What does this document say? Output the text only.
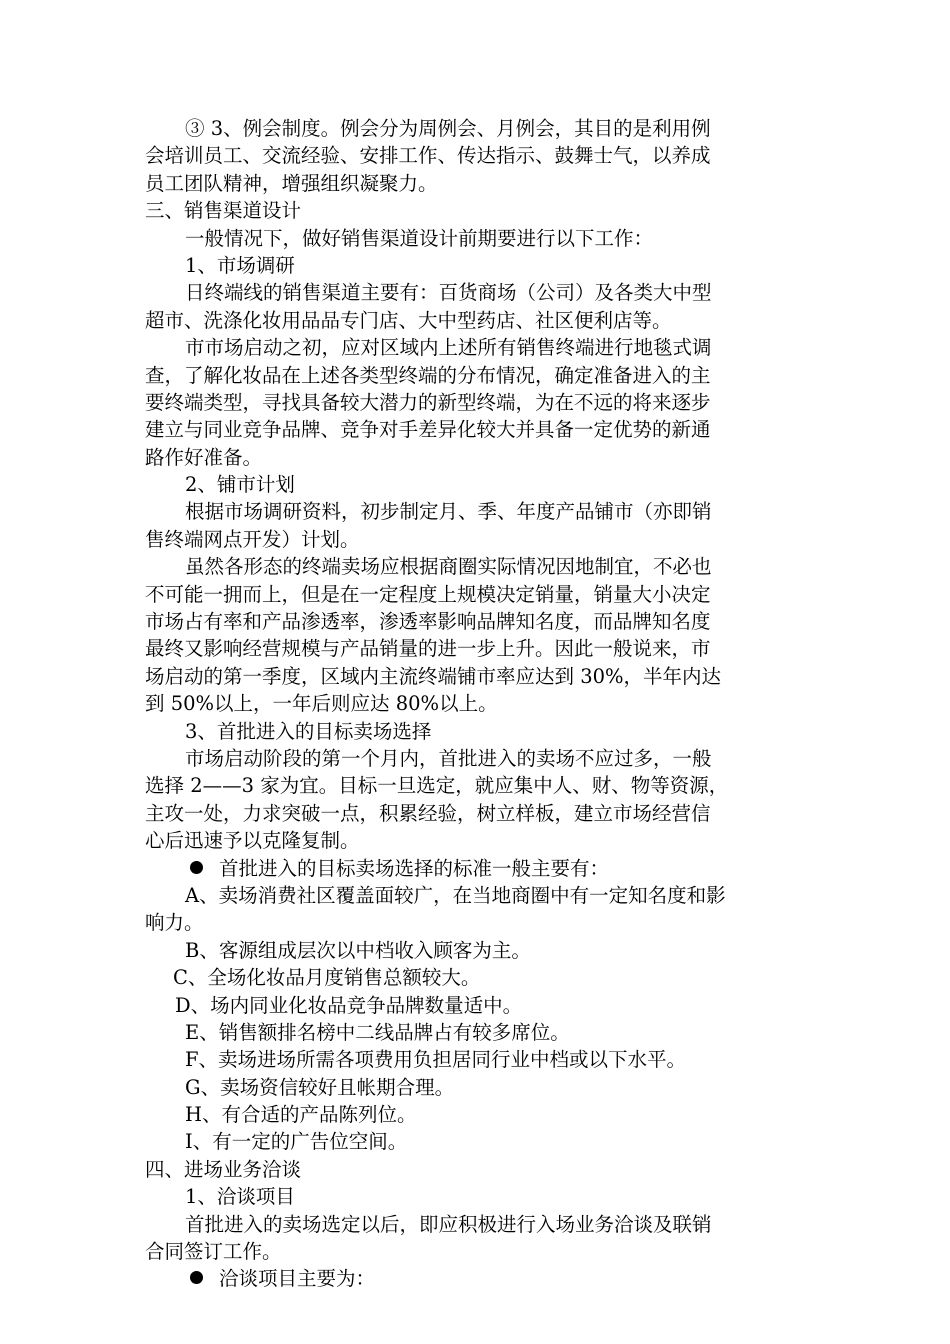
③ 3、例会制度。例会分为周例会、月例会，其目的是利用例
会培训员工、交流经验、安排工作、传达指示、鼓舞士气，以养成
员工团队精神，增强组织凝聚力。
三、销售渠道设计
一般情况下，做好销售渠道设计前期要进行以下工作：
1、市场调研
日终端线的销售渠道主要有：百货商场（公司）及各类大中型
超市、洗涤化妆用品品专门店、大中型药店、社区便利店等。
市市场启动之初，应对区域内上述所有销售终端进行地毯式调
查，了解化妆品在上述各类型终端的分布情况，确定准备进入的主
要终端类型，寻找具备较大潜力的新型终端，为在不远的将来逐步
建立与同业竞争品牌、竞争对手差异化较大并具备一定优势的新通
路作好准备。
2、铺市计划
根据市场调研资料，初步制定月、季、年度产品铺市（亦即销
售终端网点开发）计划。
虽然各形态的终端卖场应根据商圈实际情况因地制宜，不必也
不可能一拥而上，但是在一定程度上规模决定销量，销量大小决定
市场占有率和产品渗透率，渗透率影响品牌知名度，而品牌知名度
最终又影响经营规模与产品销量的进一步上升。因此一般说来，市
场启动的第一季度，区域内主流终端铺市率应达到 30%，半年内达
到 50%以上，一年后则应达 80%以上。
3、首批进入的目标卖场选择
市场启动阶段的第一个月内，首批进入的卖场不应过多，一般
选择 2——3 家为宜。目标一旦选定，就应集中人、财、物等资源，
主攻一处，力求突破一点，积累经验，树立样板，建立市场经营信
心后迅速予以克隆复制。
首批进入的目标卖场选择的标准一般主要有：
A、卖场消费社区覆盖面较广，在当地商圈中有一定知名度和影
响力。
B、客源组成层次以中档收入顾客为主。
C、全场化妆品月度销售总额较大。
D、场内同业化妆品竞争品牌数量适中。
E、销售额排名榜中二线品牌占有较多席位。
F、卖场进场所需各项费用负担居同行业中档或以下水平。
G、卖场资信较好且帐期合理。
H、有合适的产品陈列位。
I、有一定的广告位空间。
四、进场业务洽谈
1、洽谈项目
首批进入的卖场选定以后，即应积极进行入场业务洽谈及联销
合同签订工作。
洽谈项目主要为：
